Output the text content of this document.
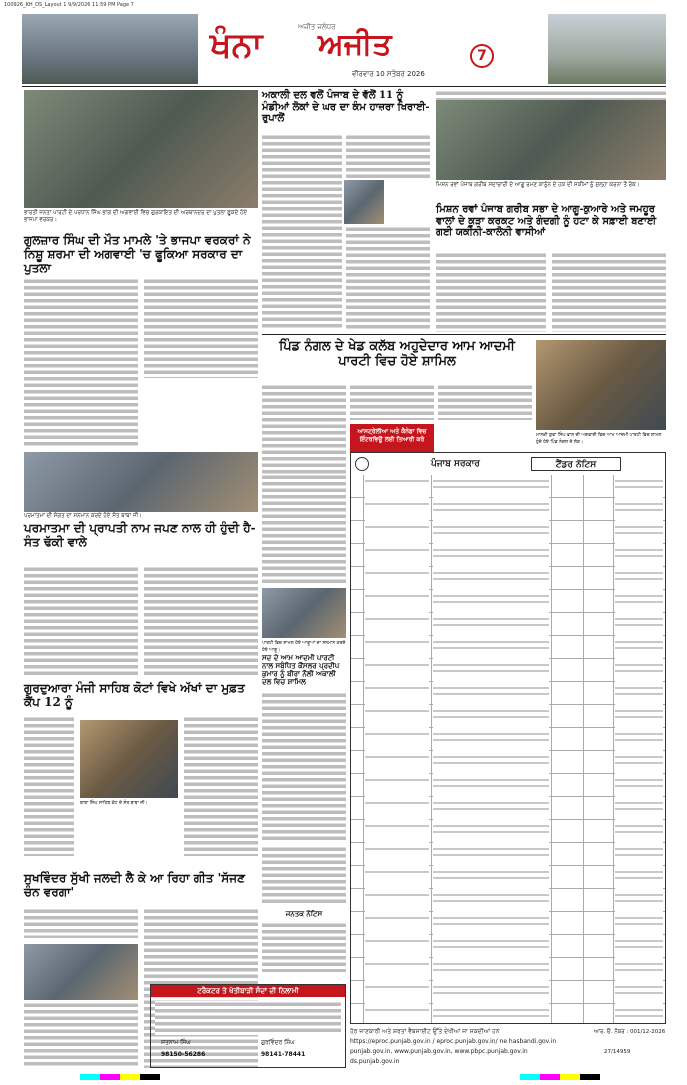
100926_KH_DS_Layout 1 9/9/2026 11:59 PM Page 7
ਅਜੀਤ ਜਲੰਧਰ
ਖੰਨਾ ਅਜੀਤ
ਵੀਰਵਾਰ 10 ਸਤੰਬਰ 2026
7
ਭਾਰਤੀ ਜਨਤਾ ਪਾਰਟੀ ਦੇ ਪਰਧਾਨ ਸਿੰਘ ਭਾਗ ਦੀ ਅਗਵਾਈ ਵਿਚ ਗੁਰਕਾਇਤ ਦੀ ਅਰਥਾਨਦਰ ਦਾ ਪੁਤਲਾ ਫੂਕਦੇ ਹੋਏ ਭਾਜਪਾ ਵਰਕਰ।
ਗੁਲਜ਼ਾਰ ਸਿੰਘ ਦੀ ਮੌਤ ਮਾਮਲੇ 'ਤੇ ਭਾਜਪਾ ਵਰਕਰਾਂ ਨੇ ਨਿਸ਼ੂ ਸ਼ਰਮਾ ਦੀ ਅਗਵਾਈ 'ਚ ਫੂਕਿਆ ਸਰਕਾਰ ਦਾ ਪੁਤਲਾ
ਪਰਮਾਤਮਾ ਦੀ ਸੰਗਤ ਦਾ ਸਨਮਾਨ ਕਰਦੇ ਹੋਏ ਸੰਤ ਬਾਬਾ ਜੀ।
ਪਰਮਾਤਮਾ ਦੀ ਪ੍ਰਾਪਤੀ ਨਾਮ ਜਪਣ ਨਾਲ ਹੀ ਹੁੰਦੀ ਹੈ- ਸੰਤ ਢੱਕੀ ਵਾਲੇ
ਗੁਰਦੁਆਰਾ ਮੰਜੀ ਸਾਹਿਬ ਕੋਟਾਂ ਵਿਖੇ ਅੱਖਾਂ ਦਾ ਮੁਫ਼ਤ ਕੈਂਪ 12 ਨੂੰ
ਬਾਬਾ ਸਿੰਘ ਸਾਹਿਬ ਕੋਟ ਦੇ ਸੰਤ ਬਾਬਾ ਜੀ।
ਸੁਖਵਿੰਦਰ ਸੁੱਖੀ ਜਲਦੀ ਲੈ ਕੇ ਆ ਰਿਹਾ ਗੀਤ 'ਸੱਜਣ ਚੰਨ ਵਰਗਾ'
ਅਕਾਲੀ ਦਲ ਵਲੋਂ ਪੰਜਾਬ ਦੇ ਵੱਲੋਂ 11 ਨੂੰ ਮੰਡੀਆਂ ਲੋਕਾਂ ਦੇ ਘਰ ਦਾ ਕੰਮ ਹਾਜ਼ਰਾ ਖਿਰਾਈ- ਰੁਪਾਲੋਂ
ਮਿਸ਼ਨ ਰਵਾਂ ਪੰਜਾਬ ਗਰੀਬ ਸਦਾਚਾਰੀ ਦੇ ਆਗੂ ਰਮਣ ਕਾਨੂੰਨ ਦੇ ਹਕ ਦੀ ਸਕੀਮਾਂ ਨੂੰ ਸੁਲ੍ਹਾ ਕਰਨਾ ਤੋਂ ਰੋਕ।
ਮਿਸ਼ਨ ਰਵਾਂ ਪੰਜਾਬ ਗਰੀਬ ਸਭਾ ਦੇ ਆਗੂ-ਕੁਆਰੇ ਅਤੇ ਜਮਹੂਰ ਵਾਲਾਂ ਦੇ ਕੂੜਾ ਕਰਕਟ ਅਤੇ ਗੰਦਗੀ ਨੂੰ ਹਟਾ ਕੇ ਸਫ਼ਾਈ ਬਣਾਈ ਗਈ ਯਕੀਨੀ-ਕਾਲੋਨੀ ਵਾਸੀਆਂ
ਪਿੰਡ ਨੰਗਲ ਦੇ ਖੇਡ ਕਲੱਬ ਅਹੁਦੇਦਾਰ ਆਮ ਆਦਮੀ ਪਾਰਟੀ ਵਿਚ ਹੋਏ ਸ਼ਾਮਿਲ
ਮਾਨਕੀ ਯੁਵਾ ਸਿੰਘ ਵਾਲ ਦੀ ਅਗਵਾਈ ਵਿਚ ਆਮ ਆਦਮੀ ਪਾਰਟੀ ਵਿਚ ਸ਼ਾਮਲ ਹੁੰਦੇ ਹੋਏ ਪਿੰਡ ਨੰਗਲ ਦੇ ਲੋਕ।
ਆਸਟ੍ਰੇਲੀਆ ਅਤੇ ਕੈਨੇਡਾ ਵਿਚ ਇੰਟਰਵਿਊ ਲਈ ਤਿਆਰੀ ਕਰੋ
ਪਾਰਟੀ ਵਿਚ ਸ਼ਾਮਲ ਹੋਏ ਆਗੂਆਂ ਦਾ ਸਨਮਾਨ ਕਰਦੇ ਹੋਏ ਆਗੂ।
ਸਦ ਦੇ ਆਮ ਆਦਮੀ ਪਾਰਟੀ ਨਾਲ ਸਬੰਧਿਤ ਕੌਂਸਲਰ ਪ੍ਰਦੀਪ ਕੁਮਾਰ ਨੂੰ ਬੀਰਾ ਨੌਲੀ ਅਕਾਲੀ ਦਲ ਵਿਚ ਸ਼ਾਮਿਲ
ਜਨਤਕ ਨੋਟਿਸ
ਟਰੈਕਟਰ ਤੇ ਖੇਤੀਬਾੜੀ ਸੰਦਾਂ ਦੀ ਨਿਲਾਮੀ
ਸਤਨਾਮ ਸਿੰਘ	ਗੁਰਵਿੰਦਰ ਸਿੰਘ
98150-56286	98141-78441
ਪੰਜਾਬ ਸਰਕਾਰ	ਟੈਂਡਰ ਨੋਟਿਸ
ਹੋਰ ਜਾਣਕਾਰੀ ਅਤੇ ਸ਼ਰਤਾਂ ਵੈਬਸਾਈਟ ਉੱਤੇ ਦੇਖੀਆਂ ਜਾ ਸਕਦੀਆਂ ਹਨ
https://eproc.punjab.gov.in / eproc.punjab.gov.in/ ne hasbandi.gov.in
punjab.gov.in, www.punjab.gov.in, www.pbpc.punjab.gov.in
ds.punjab.gov.in
ਆਰ. ਓ. ਨੰਬਰ : 001/12-2026
27/14959
